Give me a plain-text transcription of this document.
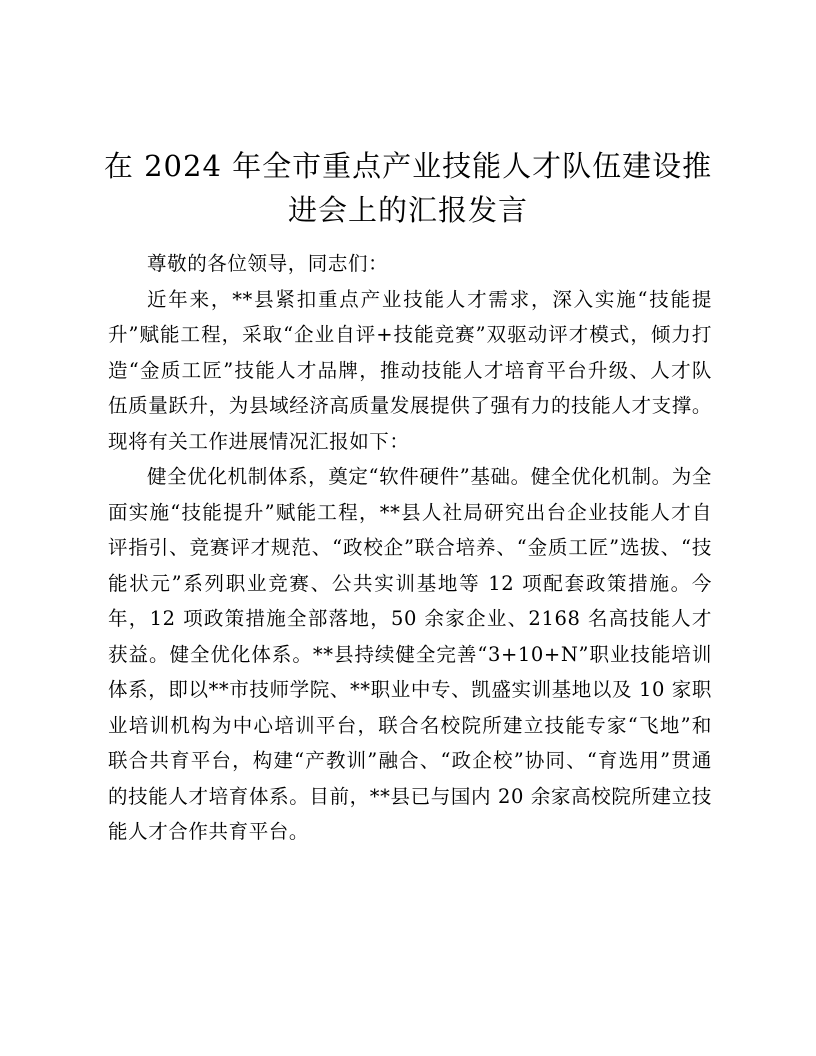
在 2024 年全市重点产业技能人才队伍建设推进会上的汇报发言

尊敬的各位领导，同志们：

近年来，**县紧扣重点产业技能人才需求，深入实施“技能提升”赋能工程，采取“企业自评+技能竞赛”双驱动评才模式，倾力打造“金质工匠”技能人才品牌，推动技能人才培育平台升级、人才队伍质量跃升，为县域经济高质量发展提供了强有力的技能人才支撑。现将有关工作进展情况汇报如下：

健全优化机制体系，奠定“软件硬件”基础。健全优化机制。为全面实施“技能提升”赋能工程，**县人社局研究出台企业技能人才自评指引、竞赛评才规范、“政校企”联合培养、“金质工匠”选拔、“技能状元”系列职业竞赛、公共实训基地等 12 项配套政策措施。今年，12 项政策措施全部落地，50 余家企业、2168 名高技能人才获益。健全优化体系。**县持续健全完善“3+10+N”职业技能培训体系，即以**市技师学院、**职业中专、凯盛实训基地以及 10 家职业培训机构为中心培训平台，联合名校院所建立技能专家“飞地”和联合共育平台，构建“产教训”融合、“政企校”协同、“育选用”贯通的技能人才培育体系。目前，**县已与国内 20 余家高校院所建立技能人才合作共育平台。
